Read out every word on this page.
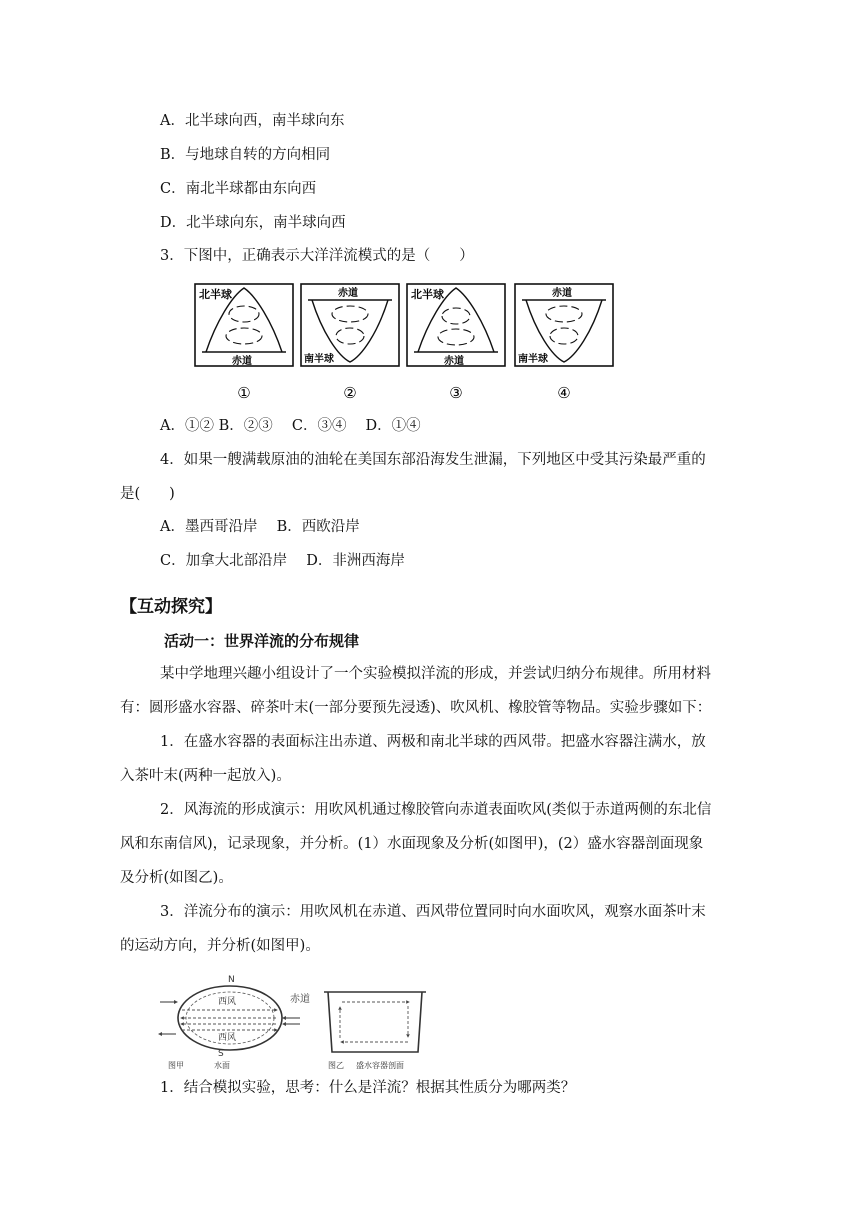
A．北半球向西，南半球向东
B．与地球自转的方向相同
C．南北半球都由东向西
D．北半球向东，南半球向西
3．下图中，正确表示大洋洋流模式的是（　　）
北半球
赤道
①
赤道
南半球
②
北半球
赤道
③
赤道
南半球
④
A．①② B．②③　 C．③④　 D．①④
4．如果一艘满载原油的油轮在美国东部沿海发生泄漏，下列地区中受其污染最严重的
是(　　)
A．墨西哥沿岸　 B．西欧沿岸
C．加拿大北部沿岸　 D．非洲西海岸
【互动探究】
活动一：世界洋流的分布规律
某中学地理兴趣小组设计了一个实验模拟洋流的形成，并尝试归纳分布规律。所用材料
有：圆形盛水容器、碎茶叶末(一部分要预先浸透)、吹风机、橡胶管等物品。实验步骤如下：
1．在盛水容器的表面标注出赤道、两极和南北半球的西风带。把盛水容器注满水，放
入茶叶末(两种一起放入)。
2．风海流的形成演示：用吹风机通过橡胶管向赤道表面吹风(类似于赤道两侧的东北信
风和东南信风)，记录现象，并分析。(1）水面现象及分析(如图甲)，(2）盛水容器剖面现象
及分析(如图乙)。
3．洋流分布的演示：用吹风机在赤道、西风带位置同时向水面吹风，观察水面茶叶末
的运动方向，并分析(如图甲)。
N
西风
西风
赤道
S
图甲	水面	图乙 盛水容器剖面
1．结合模拟实验，思考：什么是洋流？根据其性质分为哪两类？
